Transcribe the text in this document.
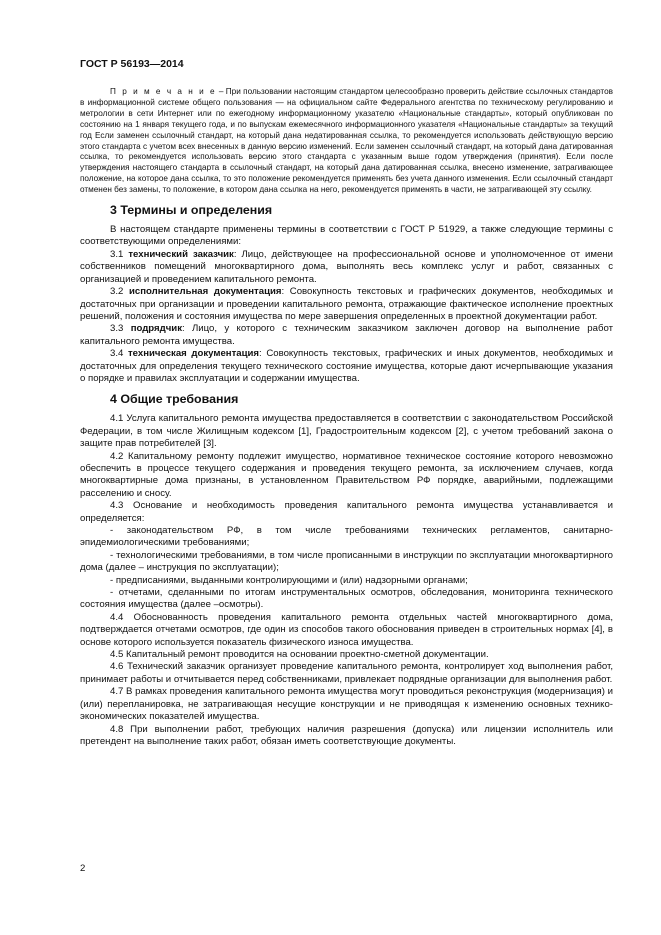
ГОСТ Р 56193—2014
П р и м е ч а н и е – При пользовании настоящим стандартом целесообразно проверить действие ссылочных стандартов в информационной системе общего пользования — на официальном сайте Федерального агентства по техническому регулированию и метрологии в сети Интернет или по ежегодному информационному указателю «Национальные стандарты», который опубликован по состоянию на 1 января текущего года, и по выпускам ежемесячного информационного указателя «Национальные стандарты» за текущий год Если заменен ссылочный стандарт, на который дана недатированная ссылка, то рекомендуется использовать действующую версию этого стандарта с учетом всех внесенных в данную версию изменений. Если заменен ссылочный стандарт, на который дана датированная ссылка, то рекомендуется использовать версию этого стандарта с указанным выше годом утверждения (принятия). Если после утверждения настоящего стандарта в ссылочный стандарт, на который дана датированная ссылка, внесено изменение, затрагивающее положение, на которое дана ссылка, то это положение рекомендуется применять без учета данного изменения. Если ссылочный стандарт отменен без замены, то положение, в котором дана ссылка на него, рекомендуется применять в части, не затрагивающей эту ссылку.
3 Термины и определения
В настоящем стандарте применены термины в соответствии с ГОСТ Р 51929, а также следующие термины с соответствующими определениями:
3.1 технический заказчик: Лицо, действующее на профессиональной основе и уполномоченное от имени собственников помещений многоквартирного дома, выполнять весь комплекс услуг и работ, связанных с организацией и проведением капитального ремонта.
3.2 исполнительная документация: Совокупность текстовых и графических документов, необходимых и достаточных при организации и проведении капитального ремонта, отражающие фактическое исполнение проектных решений, положения и состояния имущества по мере завершения определенных в проектной документации работ.
3.3 подрядчик: Лицо, у которого с техническим заказчиком заключен договор на выполнение работ капитального ремонта имущества.
3.4 техническая документация: Совокупность текстовых, графических и иных документов, необходимых и достаточных для определения текущего технического состояние имущества, которые дают исчерпывающие указания о порядке и правилах эксплуатации и содержании имущества.
4 Общие требования
4.1 Услуга капитального ремонта имущества предоставляется в соответствии с законодательством Российской Федерации, в том числе Жилищным кодексом [1], Градостроительным кодексом [2], с учетом требований закона о защите прав потребителей [3].
4.2 Капитальному ремонту подлежит имущество, нормативное техническое состояние которого невозможно обеспечить в процессе текущего содержания и проведения текущего ремонта, за исключением случаев, когда многоквартирные дома признаны, в установленном Правительством РФ порядке, аварийными, подлежащими расселению и сносу.
4.3 Основание и необходимость проведения капитального ремонта имущества устанавливается и определяется:
- законодательством РФ, в том числе требованиями технических регламентов, санитарно-эпидемиологическими требованиями;
- технологическими требованиями, в том числе прописанными в инструкции по эксплуатации многоквартирного дома (далее – инструкция по эксплуатации);
- предписаниями, выданными контролирующими и (или) надзорными органами;
- отчетами, сделанными по итогам инструментальных осмотров, обследования, мониторинга технического состояния имущества (далее –осмотры).
4.4 Обоснованность проведения капитального ремонта отдельных частей многоквартирного дома, подтверждается отчетами осмотров, где один из способов такого обоснования приведен в строительных нормах [4], в основе которого используется показатель физического износа имущества.
4.5 Капитальный ремонт проводится на основании проектно-сметной документации.
4.6 Технический заказчик организует проведение капитального ремонта, контролирует ход выполнения работ, принимает работы и отчитывается перед собственниками, привлекает подрядные организации для выполнения работ.
4.7 В рамках проведения капитального ремонта имущества могут проводиться реконструкция (модернизация) и (или) перепланировка, не затрагивающая несущие конструкции и не приводящая к изменению основных технико-экономических показателей имущества.
4.8 При выполнении работ, требующих наличия разрешения (допуска) или лицензии исполнитель или претендент на выполнение таких работ, обязан иметь соответствующие документы.
2
